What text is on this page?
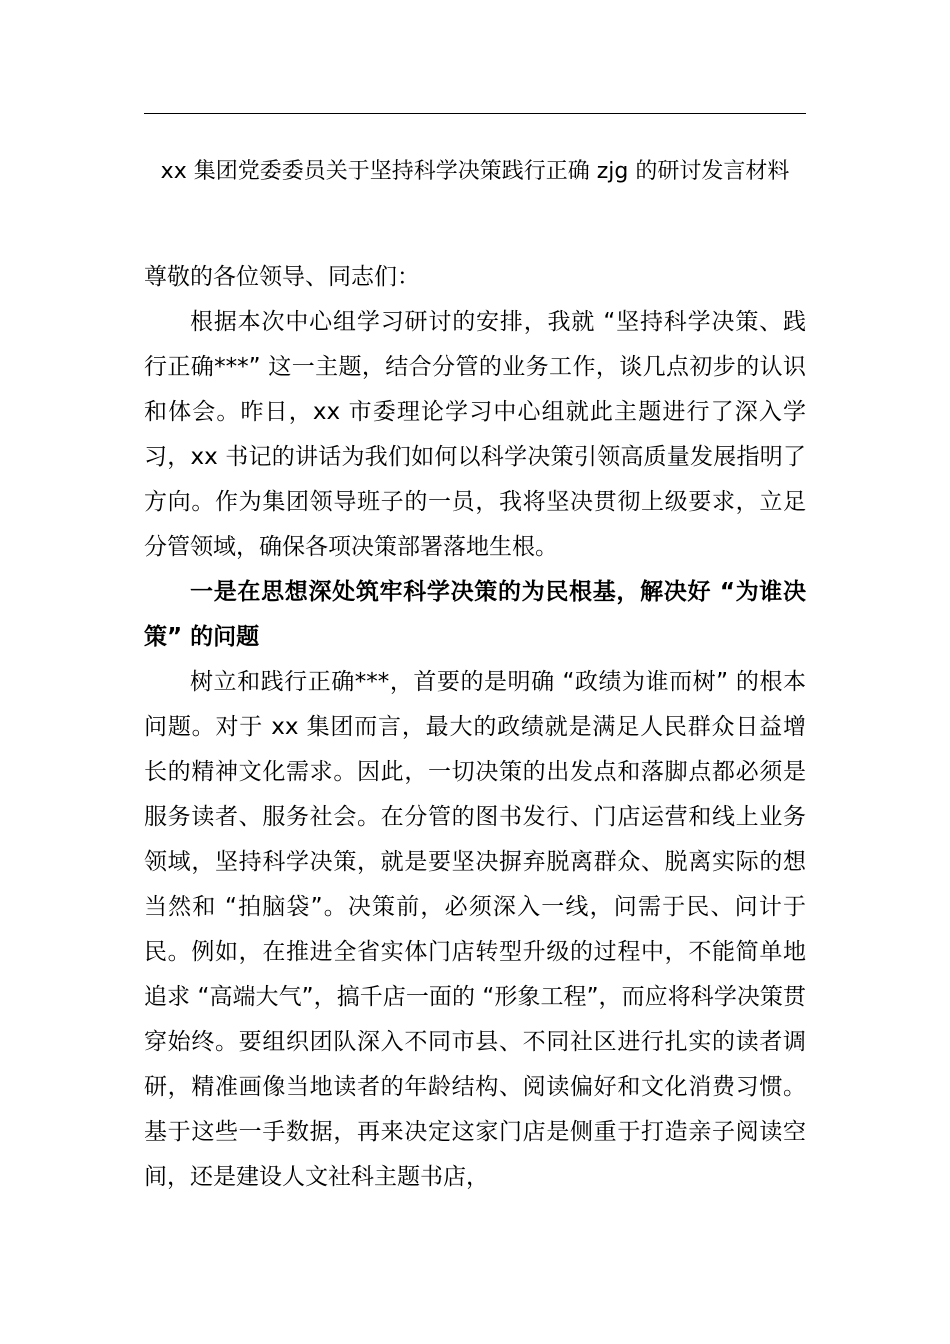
xx 集团党委委员关于坚持科学决策践行正确 zjg 的研讨发言材料

尊敬的各位领导、同志们：

根据本次中心组学习研讨的安排，我就 “坚持科学决策、践行正确***” 这一主题，结合分管的业务工作，谈几点初步的认识和体会。昨日，xx 市委理论学习中心组就此主题进行了深入学习，xx 书记的讲话为我们如何以科学决策引领高质量发展指明了方向。作为集团领导班子的一员，我将坚决贯彻上级要求，立足分管领域，确保各项决策部署落地生根。

一是在思想深处筑牢科学决策的为民根基，解决好 “为谁决策” 的问题

树立和践行正确***，首要的是明确 “政绩为谁而树” 的根本问题。对于 xx 集团而言，最大的政绩就是满足人民群众日益增长的精神文化需求。因此，一切决策的出发点和落脚点都必须是服务读者、服务社会。在分管的图书发行、门店运营和线上业务领域，坚持科学决策，就是要坚决摒弃脱离群众、脱离实际的想当然和 “拍脑袋”。决策前，必须深入一线，问需于民、问计于民。例如，在推进全省实体门店转型升级的过程中，不能简单地追求 “高端大气”，搞千店一面的 “形象工程”，而应将科学决策贯穿始终。要组织团队深入不同市县、不同社区进行扎实的读者调研，精准画像当地读者的年龄结构、阅读偏好和文化消费习惯。基于这些一手数据，再来决定这家门店是侧重于打造亲子阅读空间，还是建设人文社科主题书店，
